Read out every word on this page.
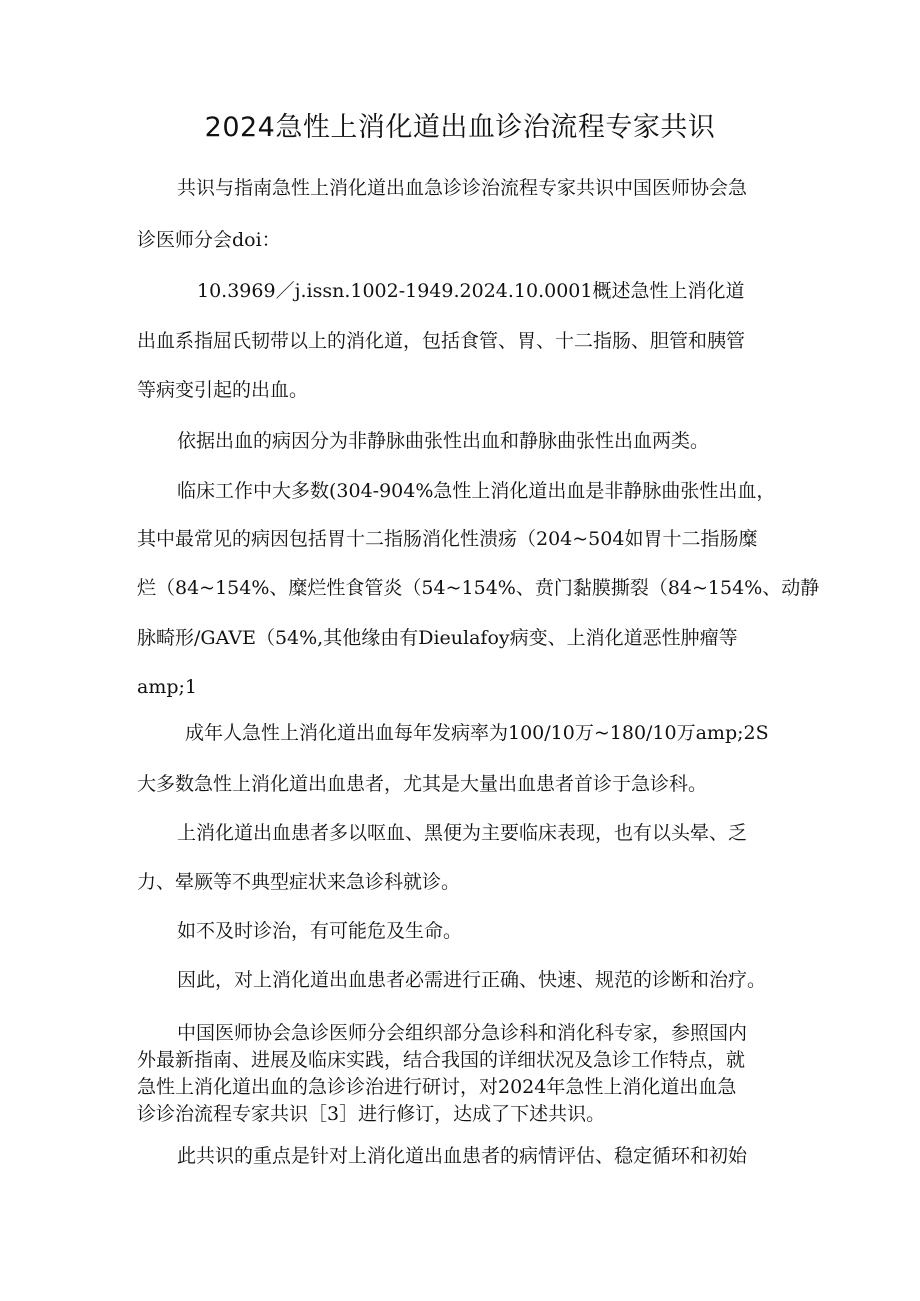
2024急性上消化道出血诊治流程专家共识
共识与指南急性上消化道出血急诊诊治流程专家共识中国医师协会急
诊医师分会doi：
10.3969／j.issn.1002-1949.2024.10.0001概述急性上消化道
出血系指屈氏韧带以上的消化道，包括食管、胃、十二指肠、胆管和胰管
等病变引起的出血。
依据出血的病因分为非静脉曲张性出血和静脉曲张性出血两类。
临床工作中大多数(304-904%急性上消化道出血是非静脉曲张性出血，
其中最常见的病因包括胃十二指肠消化性溃疡（204~504如胃十二指肠糜
烂（84~154%、糜烂性食管炎（54~154%、贲门黏膜撕裂（84~154%、动静
脉畸形/GAVE（54%,其他缘由有Dieulafoy病变、上消化道恶性肿瘤等
amp;1
成年人急性上消化道出血每年发病率为100/10万~180/10万amp;2S
大多数急性上消化道出血患者，尤其是大量出血患者首诊于急诊科。
上消化道出血患者多以呕血、黑便为主要临床表现，也有以头晕、乏
力、晕厥等不典型症状来急诊科就诊。
如不及时诊治，有可能危及生命。
因此，对上消化道出血患者必需进行正确、快速、规范的诊断和治疗。
中国医师协会急诊医师分会组织部分急诊科和消化科专家，参照国内
外最新指南、进展及临床实践，结合我国的详细状况及急诊工作特点，就
急性上消化道出血的急诊诊治进行研讨，对2024年急性上消化道出血急
诊诊治流程专家共识［3］进行修订，达成了下述共识。
此共识的重点是针对上消化道出血患者的病情评估、稳定循环和初始
